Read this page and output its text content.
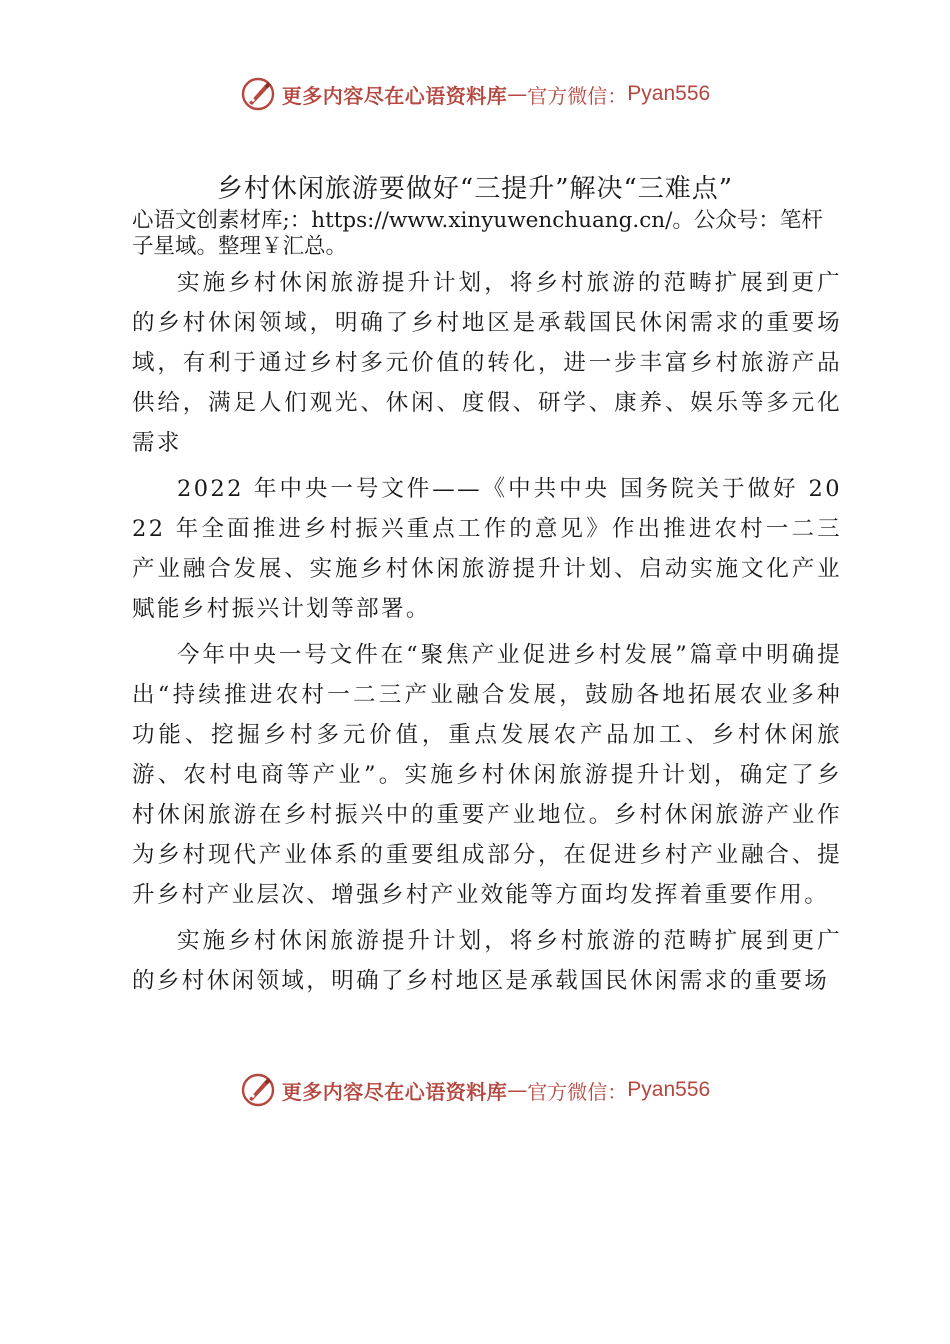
更多内容尽在心语资料库 — 官方微信： Pyan556
乡村休闲旅游要做好“三提升”解决“三难点”
心语文创素材库;：https://www.xinyuwenchuang.cn/。公众号：笔杆子星域。整理￥汇总。

实施乡村休闲旅游提升计划，将乡村旅游的范畴扩展到更广的乡村休闲领域，明确了乡村地区是承载国民休闲需求的重要场域，有利于通过乡村多元价值的转化，进一步丰富乡村旅游产品供给，满足人们观光、休闲、度假、研学、康养、娱乐等多元化需求

2022 年中央一号文件——《中共中央 国务院关于做好 2022 年全面推进乡村振兴重点工作的意见》作出推进农村一二三产业融合发展、实施乡村休闲旅游提升计划、启动实施文化产业赋能乡村振兴计划等部署。

今年中央一号文件在“聚焦产业促进乡村发展”篇章中明确提出“持续推进农村一二三产业融合发展，鼓励各地拓展农业多种功能、挖掘乡村多元价值，重点发展农产品加工、乡村休闲旅游、农村电商等产业”。实施乡村休闲旅游提升计划，确定了乡村休闲旅游在乡村振兴中的重要产业地位。乡村休闲旅游产业作为乡村现代产业体系的重要组成部分，在促进乡村产业融合、提升乡村产业层次、增强乡村产业效能等方面均发挥着重要作用。

实施乡村休闲旅游提升计划，将乡村旅游的范畴扩展到更广的乡村休闲领域，明确了乡村地区是承载国民休闲需求的重要场

更多内容尽在心语资料库 — 官方微信： Pyan556
